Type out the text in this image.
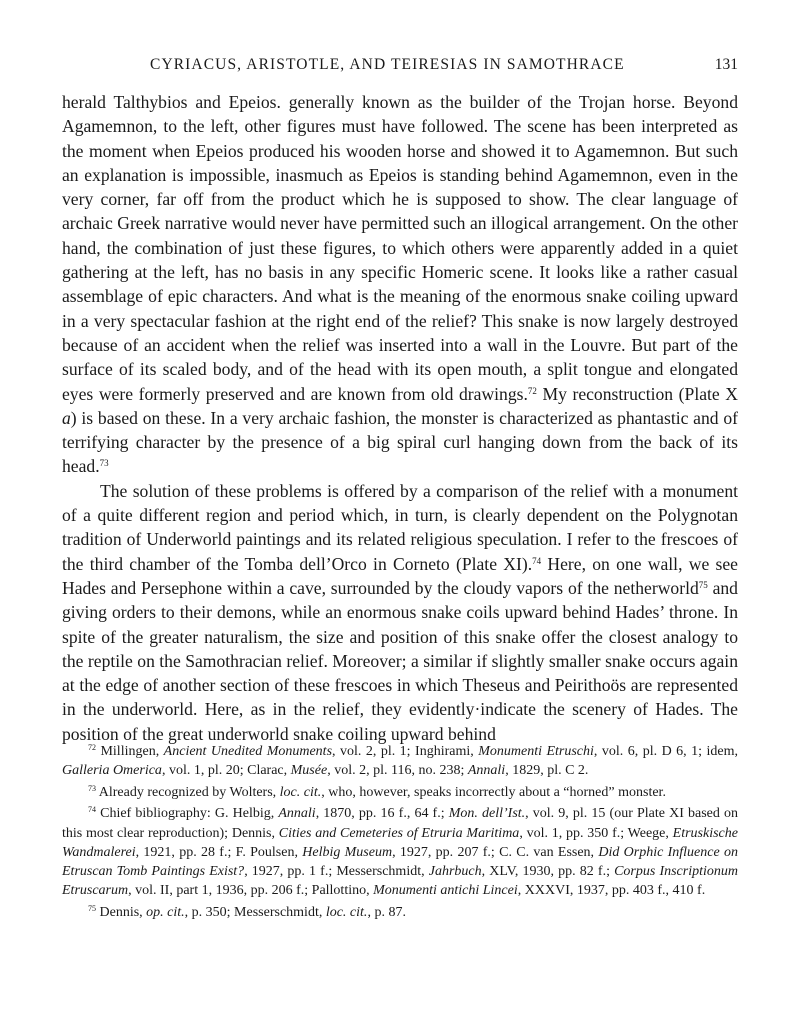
CYRIACUS, ARISTOTLE, AND TEIRESIAS IN SAMOTHRACE	131

herald Talthybios and Epeios. generally known as the builder of the Trojan horse. Beyond Agamemnon, to the left, other figures must have followed. The scene has been interpreted as the moment when Epeios produced his wooden horse and showed it to Agamemnon. But such an explanation is impossible, inasmuch as Epeios is standing behind Agamemnon, even in the very corner, far off from the product which he is supposed to show. The clear language of archaic Greek narrative would never have permitted such an illogical arrangement. On the other hand, the combination of just these figures, to which others were apparently added in a quiet gathering at the left, has no basis in any specific Homeric scene. It looks like a rather casual assemblage of epic characters. And what is the meaning of the enormous snake coiling upward in a very spectacular fashion at the right end of the relief? This snake is now largely destroyed because of an accident when the relief was inserted into a wall in the Louvre. But part of the surface of its scaled body, and of the head with its open mouth, a split tongue and elongated eyes were formerly preserved and are known from old drawings.$^{72}$ My reconstruction (Plate X a) is based on these. In a very archaic fashion, the monster is characterized as phantastic and of terrifying character by the presence of a big spiral curl hanging down from the back of its head.$^{73}$

The solution of these problems is offered by a comparison of the relief with a monument of a quite different region and period which, in turn, is clearly dependent on the Polygnotan tradition of Underworld paintings and its related religious speculation. I refer to the frescoes of the third chamber of the Tomba dell’Orco in Corneto (Plate XI).$^{74}$ Here, on one wall, we see Hades and Persephone within a cave, surrounded by the cloudy vapors of the netherworld$^{75}$ and giving orders to their demons, while an enormous snake coils upward behind Hades’ throne. In spite of the greater naturalism, the size and position of this snake offer the closest analogy to the reptile on the Samothracian relief. Moreover; a similar if slightly smaller snake occurs again at the edge of another section of these frescoes in which Theseus and Peirithoös are represented in the underworld. Here, as in the relief, they evidently·indicate the scenery of Hades. The position of the great underworld snake coiling upward behind

$^{72}$ Millingen, Ancient Unedited Monuments, vol. 2, pl. 1; Inghirami, Monumenti Etruschi, vol. 6, pl. D 6, 1; idem, Galleria Omerica, vol. 1, pl. 20; Clarac, Musée, vol. 2, pl. 116, no. 238; Annali, 1829, pl. C 2.

$^{73}$ Already recognized by Wolters, loc. cit., who, however, speaks incorrectly about a “horned” monster.

$^{74}$ Chief bibliography: G. Helbig, Annali, 1870, pp. 16 f., 64 f.; Mon. dell’Ist., vol. 9, pl. 15 (our Plate XI based on this most clear reproduction); Dennis, Cities and Cemeteries of Etruria Maritima, vol. 1, pp. 350 f.; Weege, Etruskische Wandmalerei, 1921, pp. 28 f.; F. Poulsen, Helbig Museum, 1927, pp. 207 f.; C. C. van Essen, Did Orphic Influence on Etruscan Tomb Paintings Exist?, 1927, pp. 1 f.; Messerschmidt, Jahrbuch, XLV, 1930, pp. 82 f.; Corpus Inscriptionum Etruscarum, vol. II, part 1, 1936, pp. 206 f.; Pallottino, Monumenti antichi Lincei, XXXVI, 1937, pp. 403 f., 410 f.

$^{75}$ Dennis, op. cit., p. 350; Messerschmidt, loc. cit., p. 87.
